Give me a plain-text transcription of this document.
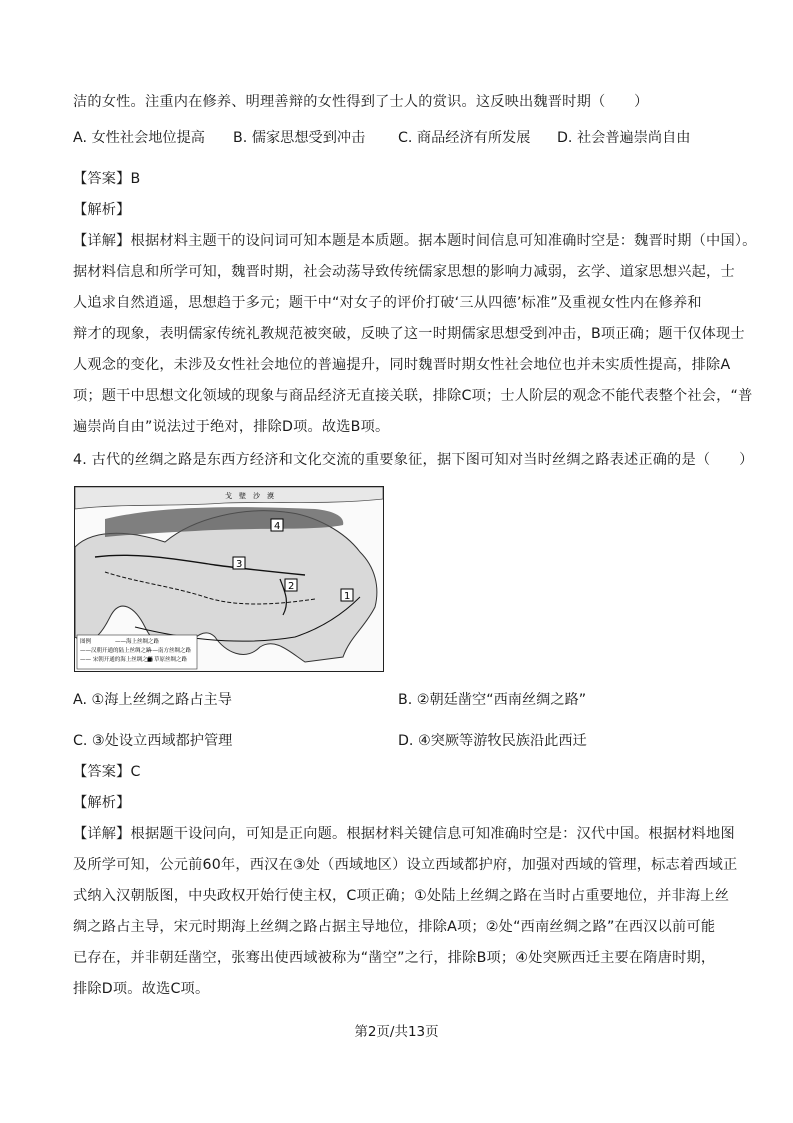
洁的女性。注重内在修养、明理善辩的女性得到了士人的赏识。这反映出魏晋时期（　　）
A. 女性社会地位提高 B. 儒家思想受到冲击 C. 商品经济有所发展 D. 社会普遍崇尚自由
【答案】B
【解析】
【详解】根据材料主题干的设问词可知本题是本质题。据本题时间信息可知准确时空是：魏晋时期（中国）。
据材料信息和所学可知，魏晋时期，社会动荡导致传统儒家思想的影响力减弱，玄学、道家思想兴起，士
人追求自然逍遥，思想趋于多元；题干中“对女子的评价打破‘三从四德’标准”及重视女性内在修养和
辩才的现象，表明儒家传统礼教规范被突破，反映了这一时期儒家思想受到冲击，B项正确；题干仅体现士
人观念的变化，未涉及女性社会地位的普遍提升，同时魏晋时期女性社会地位也并未实质性提高，排除A
项；题干中思想文化领域的现象与商品经济无直接关联，排除C项；士人阶层的观念不能代表整个社会，“普
遍崇尚自由”说法过于绝对，排除D项。故选B项。
4. 古代的丝绸之路是东西方经济和文化交流的重要象征，据下图可知对当时丝绸之路表述正确的是（　　）
3
2
1
4
戈　壁　沙　漠
图例	——海上丝绸之路
——汉朝开通的陆上丝绸之路
——南方丝绸之路
—— 宋朝开通的海上丝绸之路
■ 草原丝绸之路
A. ①海上丝绸之路占主导	B. ②朝廷凿空“西南丝绸之路”
C. ③处设立西域都护管理	D. ④突厥等游牧民族沿此西迁
【答案】C
【解析】
【详解】根据题干设问向，可知是正向题。根据材料关键信息可知准确时空是：汉代中国。根据材料地图
及所学可知，公元前60年，西汉在③处（西域地区）设立西域都护府，加强对西域的管理，标志着西域正
式纳入汉朝版图，中央政权开始行使主权，C项正确；①处陆上丝绸之路在当时占重要地位，并非海上丝
绸之路占主导，宋元时期海上丝绸之路占据主导地位，排除A项；②处“西南丝绸之路”在西汉以前可能
已存在，并非朝廷凿空，张骞出使西域被称为“凿空”之行，排除B项；④处突厥西迁主要在隋唐时期，
排除D项。故选C项。
第2页/共13页
